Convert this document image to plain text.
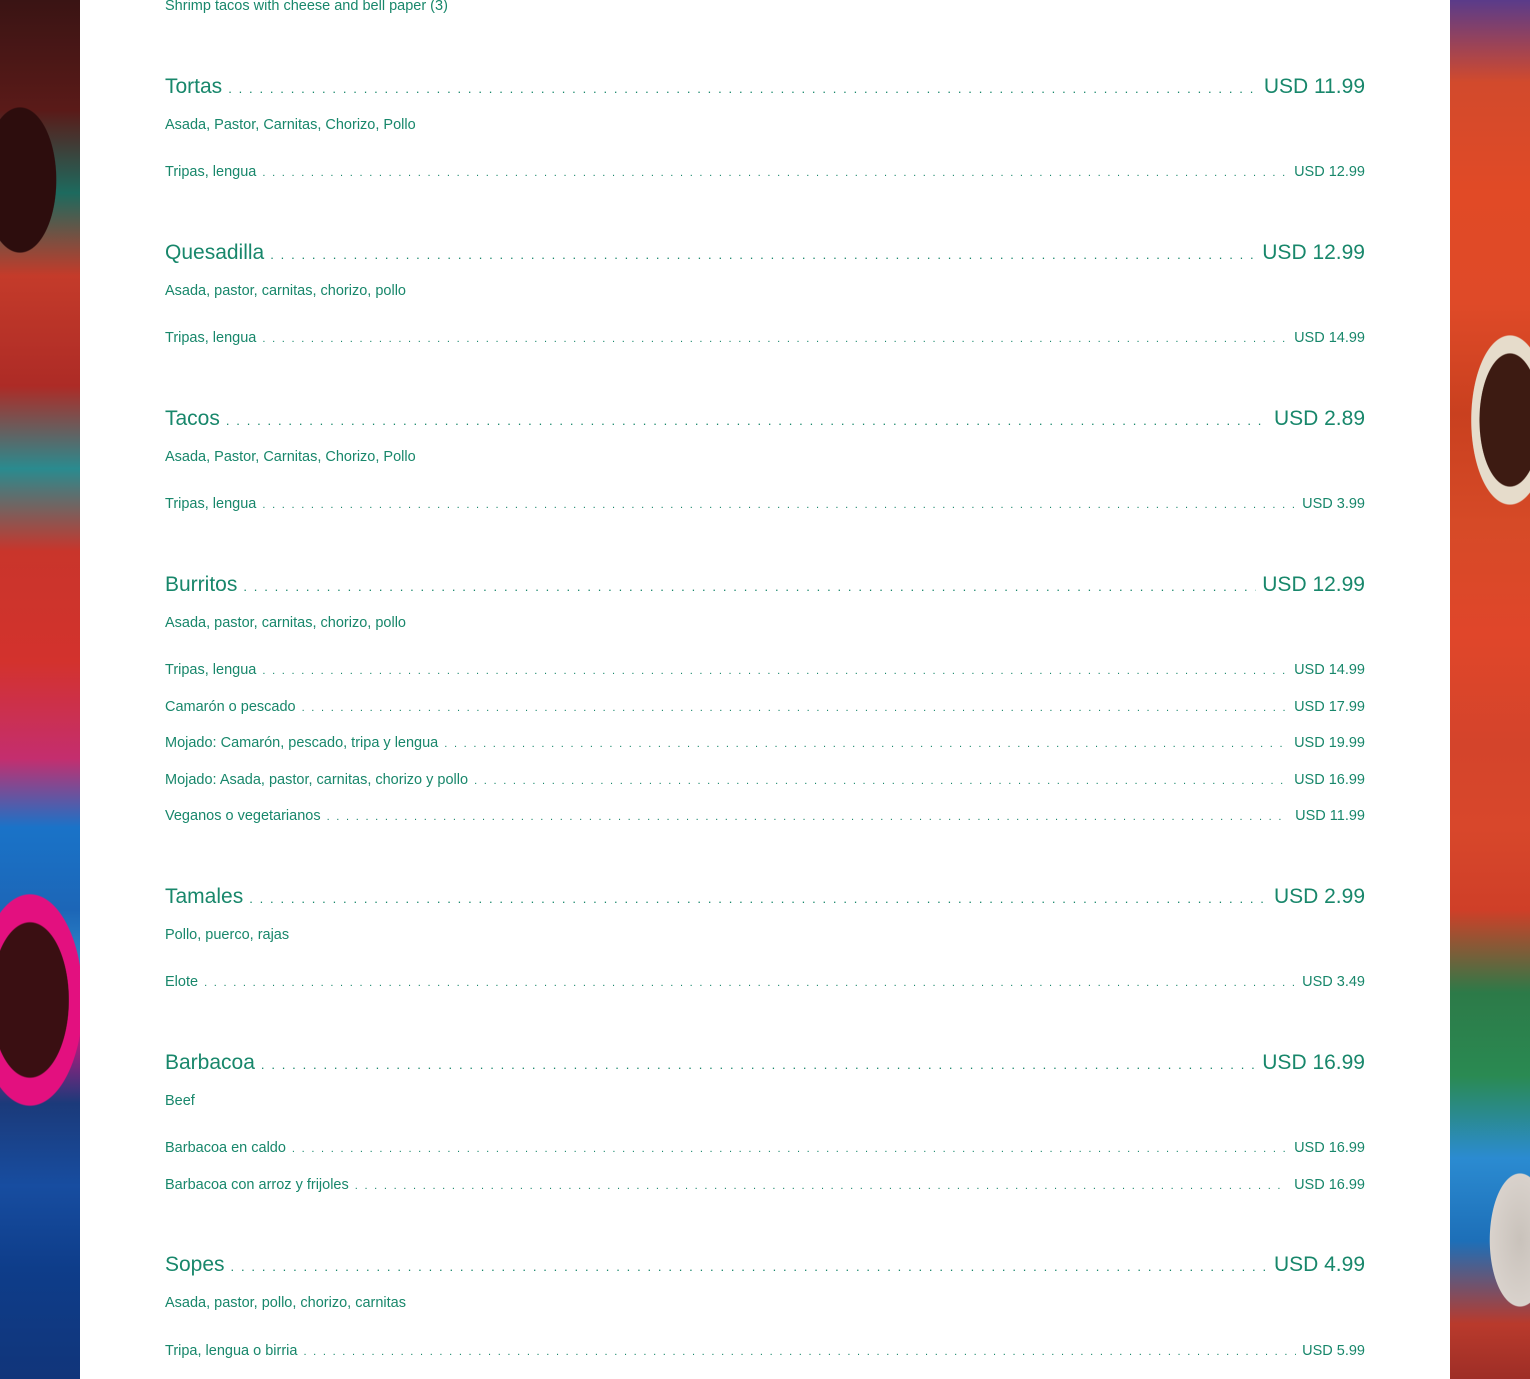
Shrimp tacos with cheese and bell paper (3)
Tortas . . .	USD 11.99
Asada, Pastor, Carnitas, Chorizo, Pollo
Tripas, lengua . . .	USD 12.99
Quesadilla . . .	USD 12.99
Asada, pastor, carnitas, chorizo, pollo
Tripas, lengua . . .	USD 14.99
Tacos . . .	USD 2.89
Asada, Pastor, Carnitas, Chorizo, Pollo
Tripas, lengua . . .	USD 3.99
Burritos . . .	USD 12.99
Asada, pastor, carnitas, chorizo, pollo
Tripas, lengua . . .	USD 14.99
Camarón o pescado . . .	USD 17.99
Mojado: Camarón, pescado, tripa y lengua . . .	USD 19.99
Mojado: Asada, pastor, carnitas, chorizo y pollo . . .	USD 16.99
Veganos o vegetarianos . . .	USD 11.99
Tamales . . .	USD 2.99
Pollo, puerco, rajas
Elote . . .	USD 3.49
Barbacoa . . .	USD 16.99
Beef
Barbacoa en caldo . . .	USD 16.99
Barbacoa con arroz y frijoles . . .	USD 16.99
Sopes . . .	USD 4.99
Asada, pastor, pollo, chorizo, carnitas
Tripa, lengua o birria . . .	USD 5.99
